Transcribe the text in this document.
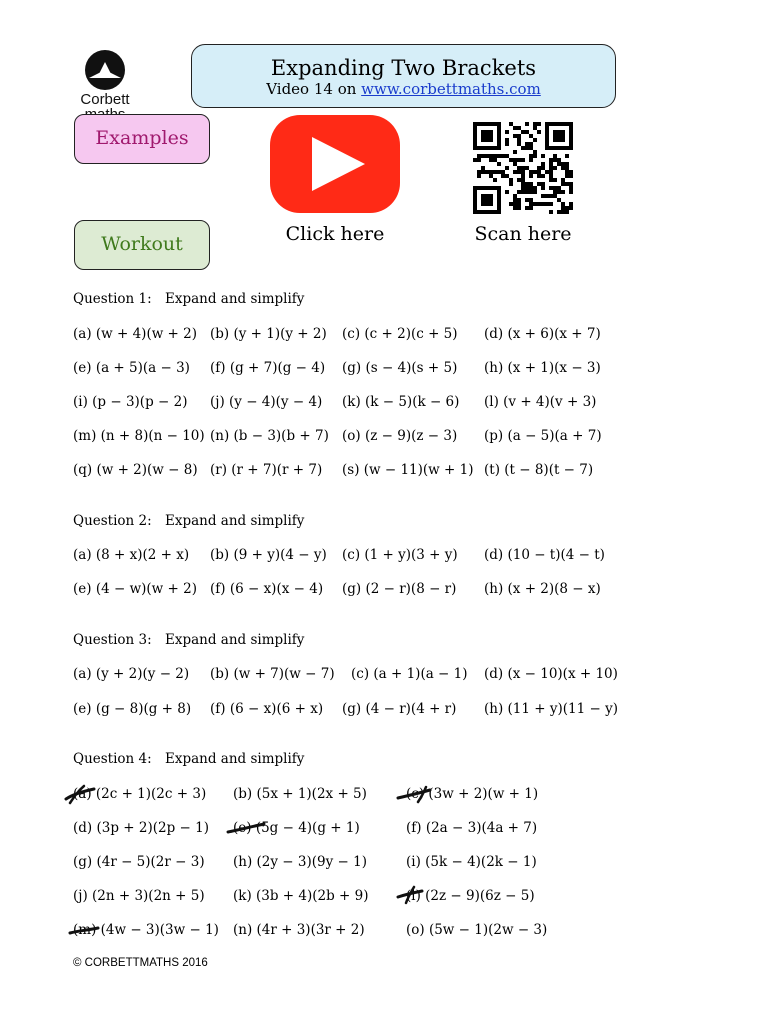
Corbett
Expanding Two Brackets
Video 14 on www.corbettmaths.com
Examples
Workout	Click here	Scan here
Question 1: Expand and simplify
(a) (w + 4)(w + 2) (b) (y + 1)(y + 2) (c) (c + 2)(c + 5) (d) (x + 6)(x + 7)
(e) (a + 5)(a − 3) (f) (g + 7)(g − 4) (g) (s − 4)(s + 5) (h) (x + 1)(x − 3)
(i) (p − 3)(p − 2) (j) (y − 4)(y − 4) (k) (k − 5)(k − 6) (l) (v + 4)(v + 3)
(m) (n + 8)(n − 10) (n) (b − 3)(b + 7) (o) (z − 9)(z − 3) (p) (a − 5)(a + 7)
(q) (w + 2)(w − 8) (r) (r + 7)(r + 7) (s) (w − 11)(w + 1) (t) (t − 8)(t − 7)
Question 2: Expand and simplify
(a) (8 + x)(2 + x) (b) (9 + y)(4 − y) (c) (1 + y)(3 + y) (d) (10 − t)(4 − t)
(e) (4 − w)(w + 2) (f) (6 − x)(x − 4) (g) (2 − r)(8 − r) (h) (x + 2)(8 − x)
Question 3: Expand and simplify
(a) (y + 2)(y − 2) (b) (w + 7)(w − 7) (c) (a + 1)(a − 1) (d) (x − 10)(x + 10)
(e) (g − 8)(g + 8) (f) (6 − x)(6 + x) (g) (4 − r)(4 + r) (h) (11 + y)(11 − y)
Question 4: Expand and simplify
(a) (2c + 1)(2c + 3) (b) (5x + 1)(2x + 5)	(c) (3w + 2)(w + 1)
(d) (3p + 2)(2p − 1) (e) (5g − 4)(g + 1)	(f) (2a − 3)(4a + 7)
(g) (4r − 5)(2r − 3) (h) (2y − 3)(9y − 1)	(i) (5k − 4)(2k − 1)
(j) (2n + 3)(2n + 5) (k) (3b + 4)(2b + 9)	(l) (2z − 9)(6z − 5)
(m) (4w − 3)(3w − 1) (n) (4r + 3)(3r + 2)	(o) (5w − 1)(2w − 3)
© CORBETTMATHS 2016
